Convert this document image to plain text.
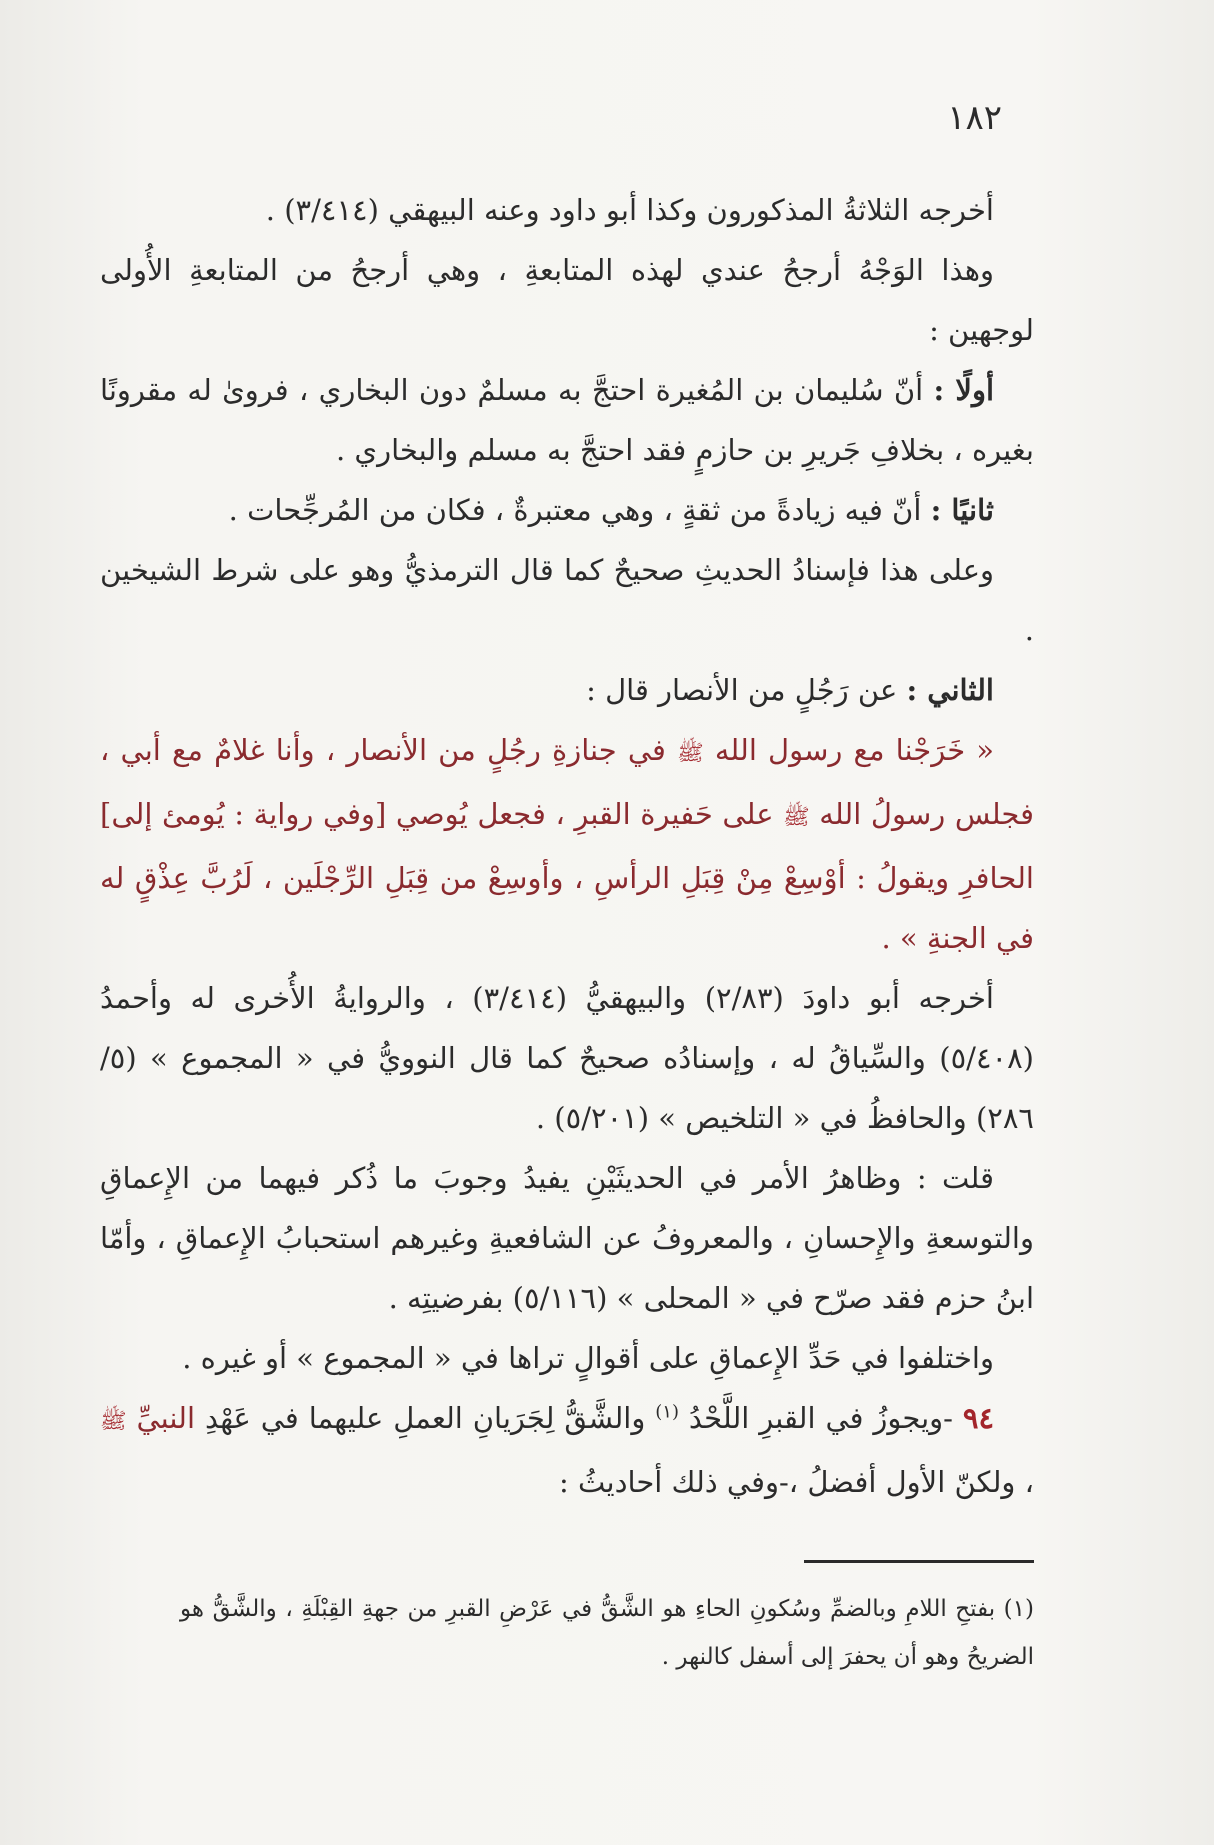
١٨٢

أخرجه الثلاثةُ المذكورون وكذا أبو داود وعنه البيهقي (٣/٤١٤) .

وهذا الوَجْهُ أرجحُ عندي لهذه المتابعةِ ، وهي أرجحُ من المتابعةِ الأُولى لوجهين :

أولًا : أنّ سُليمان بن المُغيرة احتجَّ به مسلمٌ دون البخاري ، فروىٰ له مقرونًا بغيره ، بخلافِ جَريرِ بن حازمٍ فقد احتجَّ به مسلم والبخاري .

ثانيًا : أنّ فيه زيادةً من ثقةٍ ، وهي معتبرةٌ ، فكان من المُرجِّحات .

وعلى هذا فإسنادُ الحديثِ صحيحٌ كما قال الترمذيُّ وهو على شرط الشيخين .

الثاني : عن رَجُلٍ من الأنصار قال :

« خَرَجْنا مع رسول الله ﷺ في جنازةِ رجُلٍ من الأنصار ، وأنا غلامٌ مع أبي ، فجلس رسولُ الله ﷺ على حَفيرة القبرِ ، فجعل يُوصي [وفي رواية : يُومئ إلى] الحافرِ ويقولُ : أوْسِعْ مِنْ قِبَلِ الرأسِ ، وأوسِعْ من قِبَلِ الرِّجْلَين ، لَرُبَّ عِذْقٍ له في الجنةِ » .

أخرجه أبو داودَ (٢/٨٣) والبيهقيُّ (٣/٤١٤) ، والروايةُ الأُخرى له وأحمدُ (٥/٤٠٨) والسِّياقُ له ، وإسنادُه صحيحٌ كما قال النوويُّ في « المجموع » (٥/ ٢٨٦) والحافظُ في « التلخيص » (٥/٢٠١) .

قلت : وظاهرُ الأمر في الحديثَيْنِ يفيدُ وجوبَ ما ذُكر فيهما من الإِعماقِ والتوسعةِ والإِحسانِ ، والمعروفُ عن الشافعيةِ وغيرهم استحبابُ الإِعماقِ ، وأمّا ابنُ حزم فقد صرّح في « المحلى » (٥/١١٦) بفرضيتِه .

واختلفوا في حَدِّ الإِعماقِ على أقوالٍ تراها في « المجموع » أو غيره .

٩٤ -ويجوزُ في القبرِ اللَّحْدُ $^{(١)}$ والشَّقُّ لِجَرَيانِ العملِ عليهما في عَهْدِ النبيِّ ﷺ ، ولكنّ الأول أفضلُ ،-وفي ذلك أحاديثُ :

(١) بفتحِ اللامِ وبالضمِّ وسُكونِ الحاءِ هو الشَّقُّ في عَرْضِ القبرِ من جهةِ القِبْلَةِ ، والشَّقُّ هو الضريحُ وهو أن يحفرَ إلى أسفل كالنهر .
